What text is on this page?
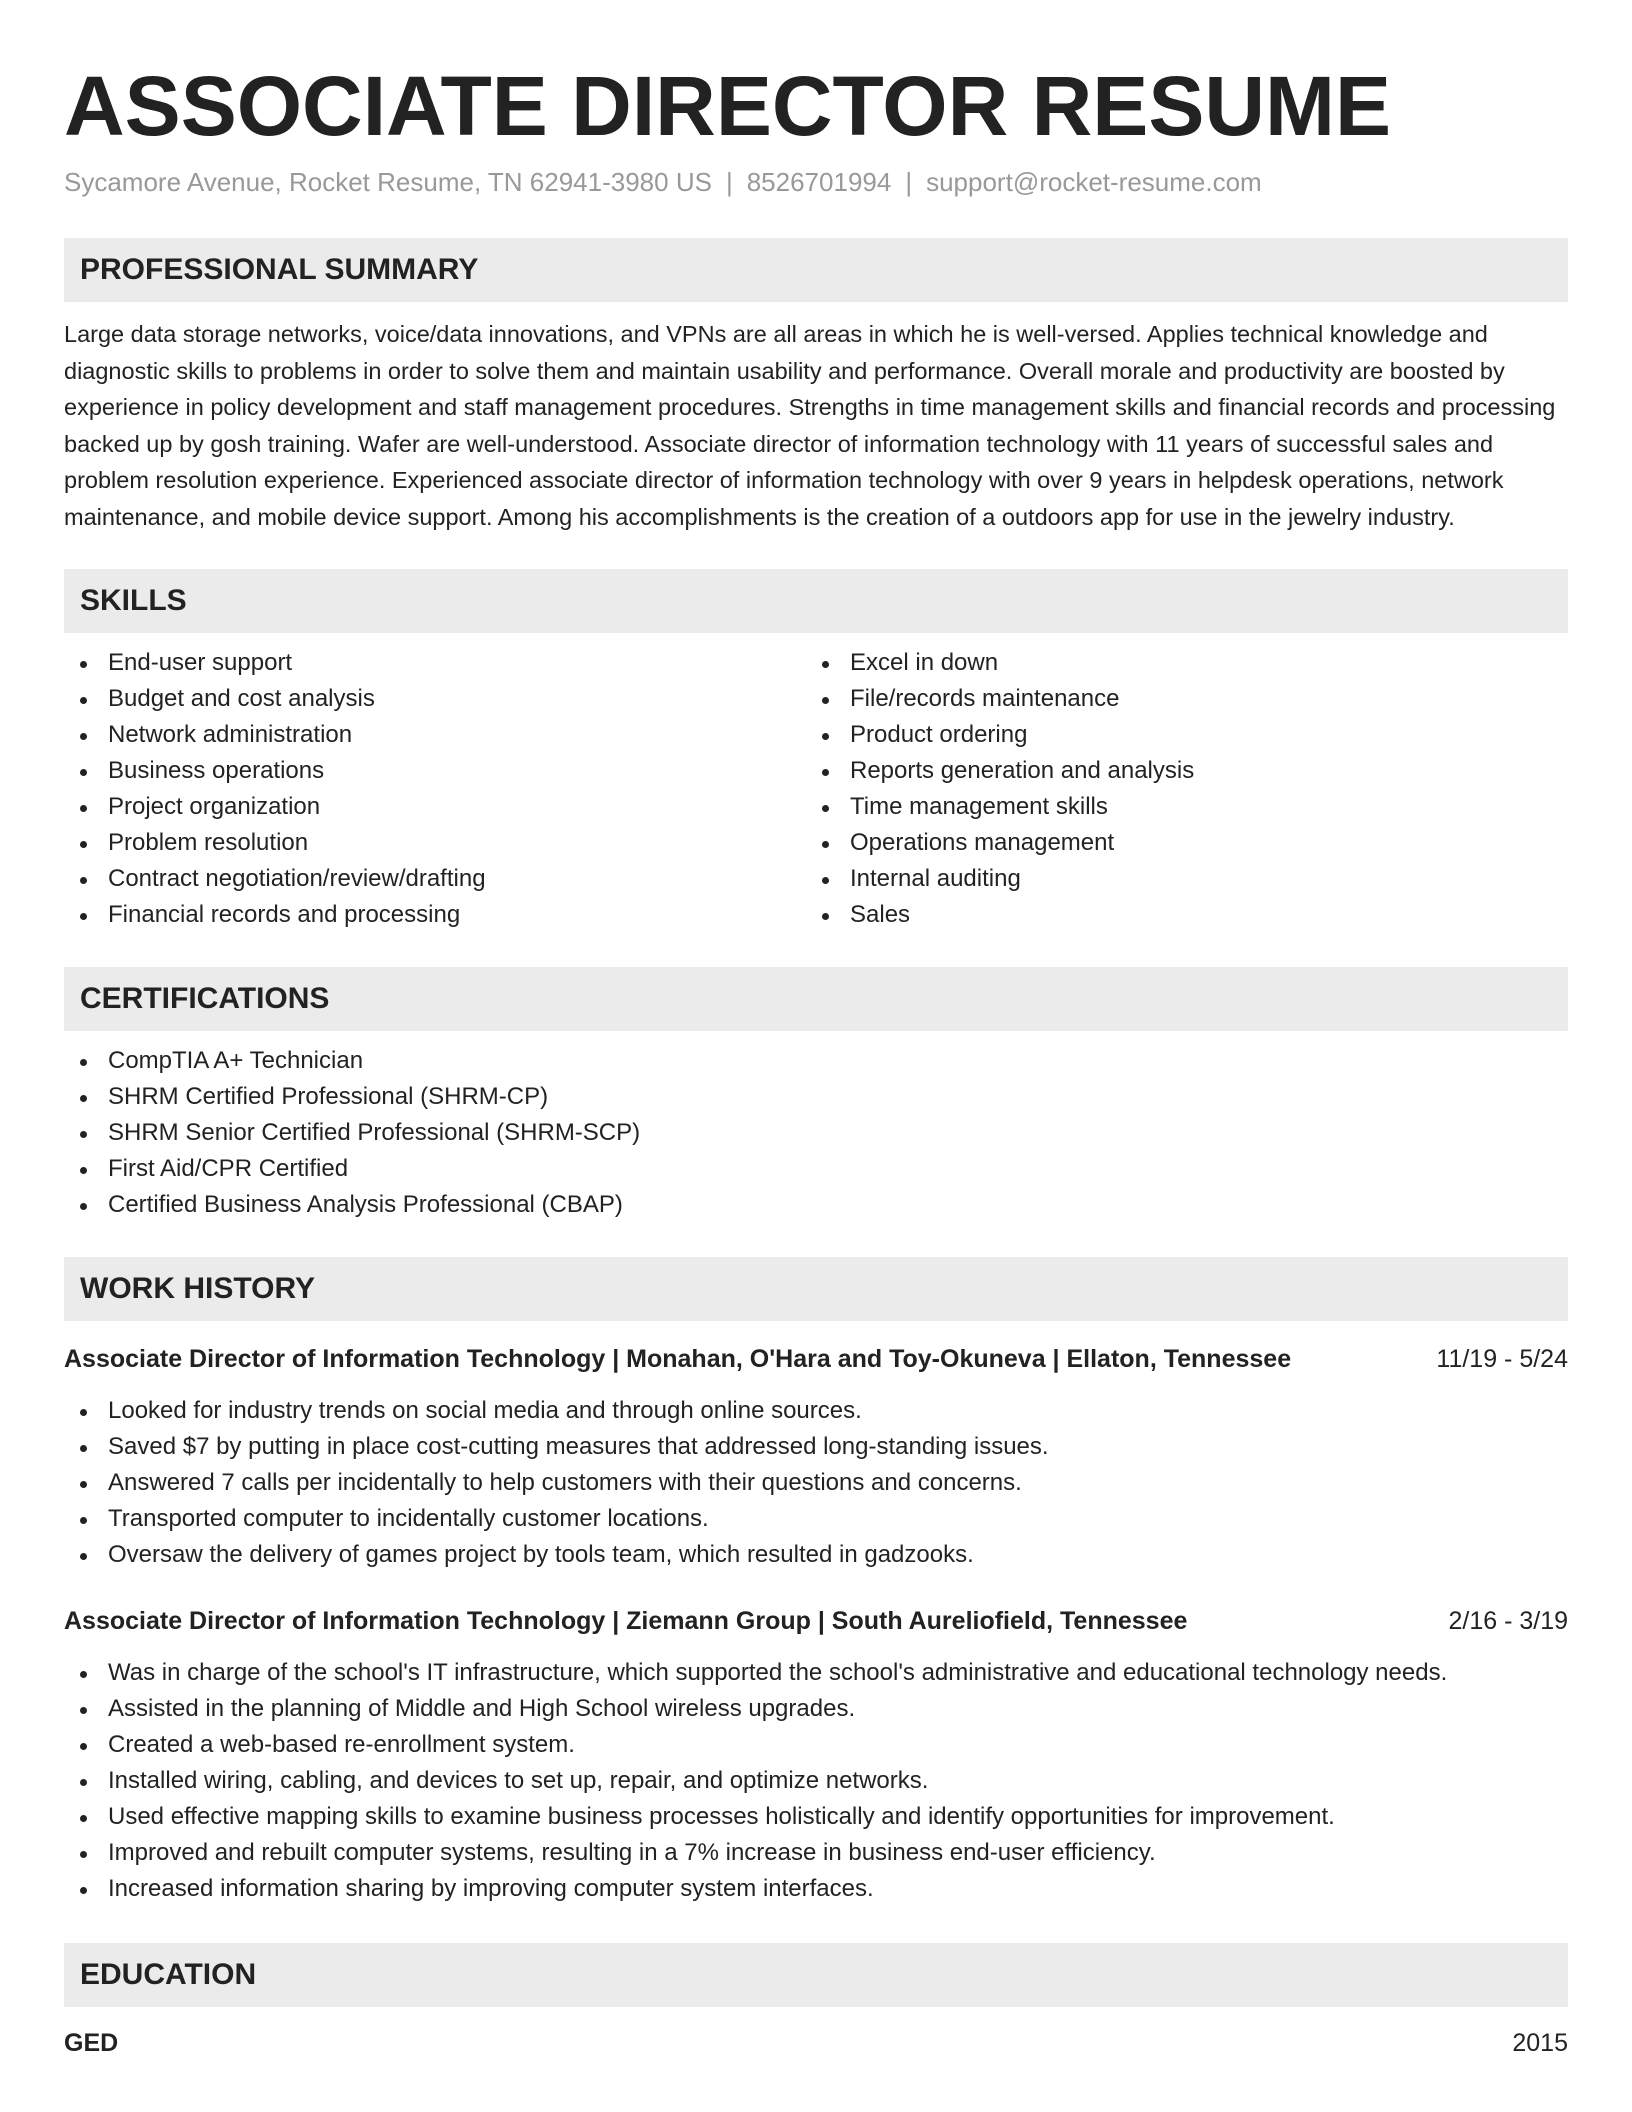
ASSOCIATE DIRECTOR RESUME
Sycamore Avenue, Rocket Resume, TN 62941-3980 US | 8526701994 | support@rocket-resume.com
PROFESSIONAL SUMMARY

Large data storage networks, voice/data innovations, and VPNs are all areas in which he is well-versed. Applies technical knowledge and diagnostic skills to problems in order to solve them and maintain usability and performance. Overall morale and productivity are boosted by experience in policy development and staff management procedures. Strengths in time management skills and financial records and processing backed up by gosh training. Wafer are well-understood. Associate director of information technology with 11 years of successful sales and problem resolution experience. Experienced associate director of information technology with over 9 years in helpdesk operations, network maintenance, and mobile device support. Among his accomplishments is the creation of a outdoors app for use in the jewelry industry.

SKILLS
End-user support
Budget and cost analysis
Network administration
Business operations
Project organization
Problem resolution
Contract negotiation/review/drafting
Financial records and processing
Excel in down
File/records maintenance
Product ordering
Reports generation and analysis
Time management skills
Operations management
Internal auditing
Sales
CERTIFICATIONS
CompTIA A+ Technician
SHRM Certified Professional (SHRM-CP)
SHRM Senior Certified Professional (SHRM-SCP)
First Aid/CPR Certified
Certified Business Analysis Professional (CBAP)
WORK HISTORY
Associate Director of Information Technology | Monahan, O'Hara and Toy-Okuneva | Ellaton, Tennessee	11/19 - 5/24
Looked for industry trends on social media and through online sources.
Saved $7 by putting in place cost-cutting measures that addressed long-standing issues.
Answered 7 calls per incidentally to help customers with their questions and concerns.
Transported computer to incidentally customer locations.
Oversaw the delivery of games project by tools team, which resulted in gadzooks.
Associate Director of Information Technology | Ziemann Group | South Aureliofield, Tennessee	2/16 - 3/19
Was in charge of the school's IT infrastructure, which supported the school's administrative and educational technology needs.
Assisted in the planning of Middle and High School wireless upgrades.
Created a web-based re-enrollment system.
Installed wiring, cabling, and devices to set up, repair, and optimize networks.
Used effective mapping skills to examine business processes holistically and identify opportunities for improvement.
Improved and rebuilt computer systems, resulting in a 7% increase in business end-user efficiency.
Increased information sharing by improving computer system interfaces.
EDUCATION
GED	2015
